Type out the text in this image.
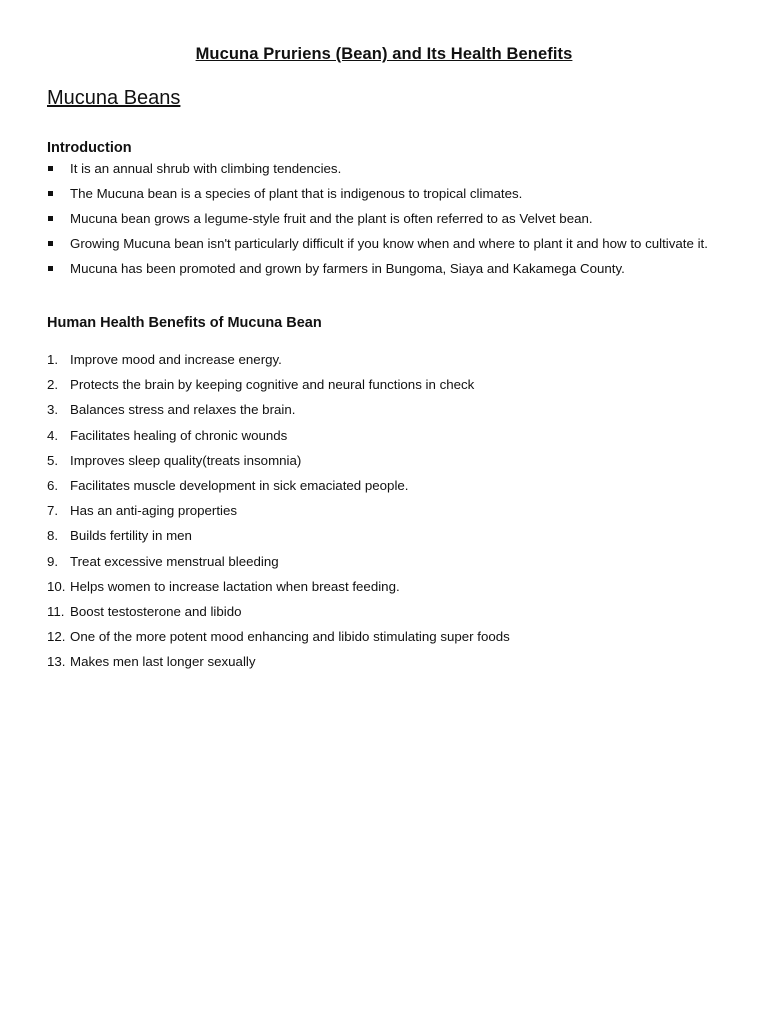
Mucuna Pruriens (Bean) and Its Health Benefits
Mucuna Beans
Introduction
It is an annual shrub with climbing tendencies.
The Mucuna bean is a species of plant that is indigenous to tropical climates.
Mucuna bean grows a legume-style fruit and the plant is often referred to as Velvet bean.
Growing Mucuna bean isn't particularly difficult if you know when and where to plant it and how to cultivate it.
Mucuna has been promoted and grown by farmers in Bungoma, Siaya and Kakamega County.
Human Health Benefits of Mucuna Bean
1. Improve mood and increase energy.
2. Protects the brain by keeping cognitive and neural functions in check
3. Balances stress and relaxes the brain.
4. Facilitates healing of chronic wounds
5. Improves sleep quality(treats insomnia)
6. Facilitates muscle development in sick emaciated people.
7. Has an anti-aging properties
8. Builds fertility in men
9. Treat excessive menstrual bleeding
10. Helps women to increase lactation when breast feeding.
11. Boost testosterone and libido
12. One of the more potent mood enhancing and libido stimulating super foods
13. Makes men last longer sexually
